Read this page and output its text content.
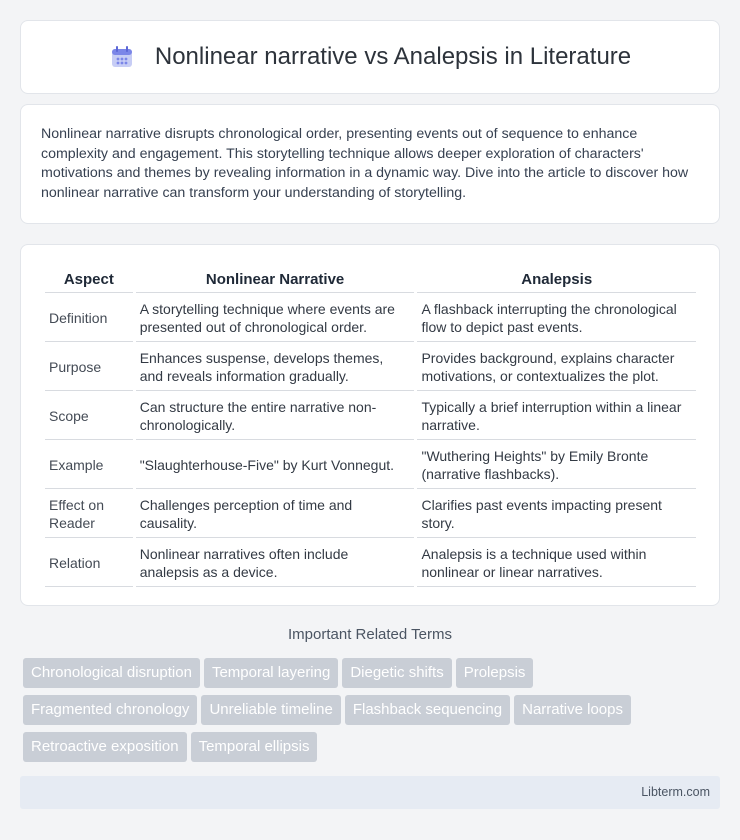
Nonlinear narrative vs Analepsis in Literature

Nonlinear narrative disrupts chronological order, presenting events out of sequence to enhance complexity and engagement. This storytelling technique allows deeper exploration of characters' motivations and themes by revealing information in a dynamic way. Dive into the article to discover how nonlinear narrative can transform your understanding of storytelling.

Aspect	Nonlinear Narrative	Analepsis
Definition	A storytelling technique where events are presented out of chronological order.	A flashback interrupting the chronological flow to depict past events.
Purpose	Enhances suspense, develops themes, and reveals information gradually.	Provides background, explains character motivations, or contextualizes the plot.
Scope	Can structure the entire narrative non-chronologically.	Typically a brief interruption within a linear narrative.
Example	"Slaughterhouse-Five" by Kurt Vonnegut.	"Wuthering Heights" by Emily Bronte (narrative flashbacks).
Effect on Reader	Challenges perception of time and causality.	Clarifies past events impacting present story.
Relation	Nonlinear narratives often include analepsis as a device.	Analepsis is a technique used within nonlinear or linear narratives.
Important Related Terms
Chronological disruption Temporal layering Diegetic shifts Prolepsis
Fragmented chronology Unreliable timeline Flashback sequencing Narrative loops
Retroactive exposition Temporal ellipsis
Libterm.com
